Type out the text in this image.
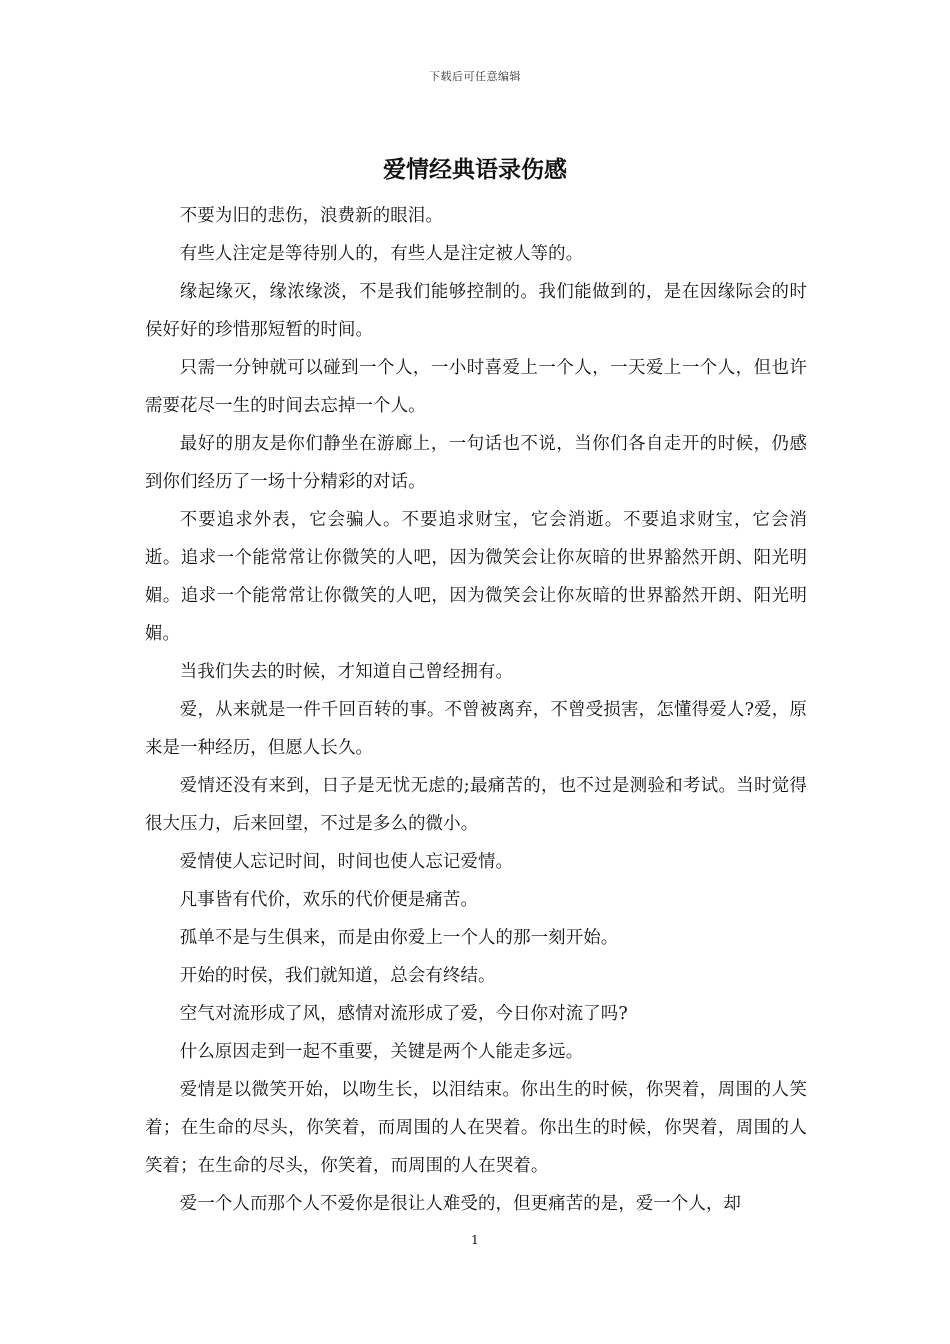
下载后可任意编辑
爱情经典语录伤感

不要为旧的悲伤，浪费新的眼泪。

有些人注定是等待别人的，有些人是注定被人等的。

缘起缘灭，缘浓缘淡，不是我们能够控制的。我们能做到的，是在因缘际会的时侯好好的珍惜那短暂的时间。

只需一分钟就可以碰到一个人，一小时喜爱上一个人，一天爱上一个人，但也许需要花尽一生的时间去忘掉一个人。

最好的朋友是你们静坐在游廊上，一句话也不说，当你们各自走开的时候，仍感到你们经历了一场十分精彩的对话。

不要追求外表，它会骗人。不要追求财宝，它会消逝。不要追求财宝，它会消逝。追求一个能常常让你微笑的人吧，因为微笑会让你灰暗的世界豁然开朗、阳光明媚。追求一个能常常让你微笑的人吧，因为微笑会让你灰暗的世界豁然开朗、阳光明媚。

当我们失去的时候，才知道自己曾经拥有。

爱，从来就是一件千回百转的事。不曾被离弃，不曾受损害，怎懂得爱人?爱，原来是一种经历，但愿人长久。

爱情还没有来到，日子是无忧无虑的;最痛苦的，也不过是测验和考试。当时觉得很大压力，后来回望，不过是多么的微小。

爱情使人忘记时间，时间也使人忘记爱情。

凡事皆有代价，欢乐的代价便是痛苦。

孤单不是与生俱来，而是由你爱上一个人的那一刻开始。

开始的时侯，我们就知道，总会有终结。

空气对流形成了风，感情对流形成了爱，今日你对流了吗?

什么原因走到一起不重要，关键是两个人能走多远。

爱情是以微笑开始，以吻生长，以泪结束。你出生的时候，你哭着，周围的人笑着；在生命的尽头，你笑着，而周围的人在哭着。你出生的时候，你哭着，周围的人笑着；在生命的尽头，你笑着，而周围的人在哭着。

爱一个人而那个人不爱你是很让人难受的，但更痛苦的是，爱一个人，却

1
